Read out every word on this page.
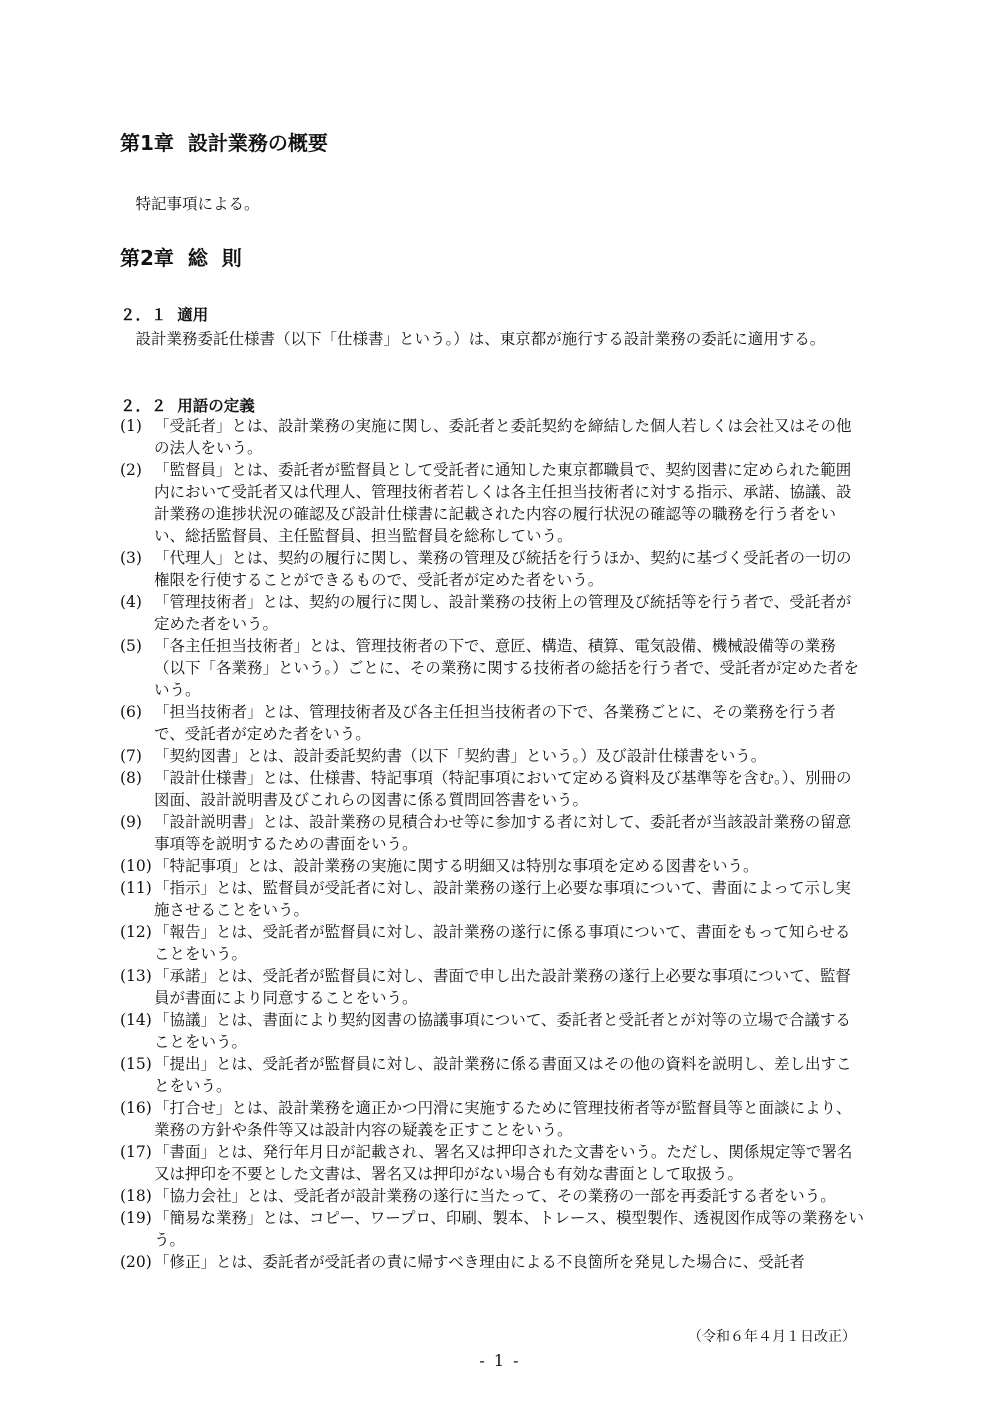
第1章  設計業務の概要
特記事項による。
第2章  総  則
２．１  適用
設計業務委託仕様書（以下「仕様書」という。）は、東京都が施行する設計業務の委託に適用する。
２．２  用語の定義
(1) 「受託者」とは、設計業務の実施に関し、委託者と委託契約を締結した個人若しくは会社又はその他の法人をいう。
(2) 「監督員」とは、委託者が監督員として受託者に通知した東京都職員で、契約図書に定められた範囲内において受託者又は代理人、管理技術者若しくは各主任担当技術者に対する指示、承諾、協議、設計業務の進捗状況の確認及び設計仕様書に記載された内容の履行状況の確認等の職務を行う者をいい、総括監督員、主任監督員、担当監督員を総称していう。
(3) 「代理人」とは、契約の履行に関し、業務の管理及び統括を行うほか、契約に基づく受託者の一切の権限を行使することができるもので、受託者が定めた者をいう。
(4) 「管理技術者」とは、契約の履行に関し、設計業務の技術上の管理及び統括等を行う者で、受託者が定めた者をいう。
(5) 「各主任担当技術者」とは、管理技術者の下で、意匠、構造、積算、電気設備、機械設備等の業務（以下「各業務」という。）ごとに、その業務に関する技術者の総括を行う者で、受託者が定めた者をいう。
(6) 「担当技術者」とは、管理技術者及び各主任担当技術者の下で、各業務ごとに、その業務を行う者で、受託者が定めた者をいう。
(7) 「契約図書」とは、設計委託契約書（以下「契約書」という。）及び設計仕様書をいう。
(8) 「設計仕様書」とは、仕様書、特記事項（特記事項において定める資料及び基準等を含む。）、別冊の図面、設計説明書及びこれらの図書に係る質問回答書をいう。
(9) 「設計説明書」とは、設計業務の見積合わせ等に参加する者に対して、委託者が当該設計業務の留意事項等を説明するための書面をいう。
(10) 「特記事項」とは、設計業務の実施に関する明細又は特別な事項を定める図書をいう。
(11) 「指示」とは、監督員が受託者に対し、設計業務の遂行上必要な事項について、書面によって示し実施させることをいう。
(12) 「報告」とは、受託者が監督員に対し、設計業務の遂行に係る事項について、書面をもって知らせることをいう。
(13) 「承諾」とは、受託者が監督員に対し、書面で申し出た設計業務の遂行上必要な事項について、監督員が書面により同意することをいう。
(14) 「協議」とは、書面により契約図書の協議事項について、委託者と受託者とが対等の立場で合議することをいう。
(15) 「提出」とは、受託者が監督員に対し、設計業務に係る書面又はその他の資料を説明し、差し出すことをいう。
(16) 「打合せ」とは、設計業務を適正かつ円滑に実施するために管理技術者等が監督員等と面談により、業務の方針や条件等又は設計内容の疑義を正すことをいう。
(17) 「書面」とは、発行年月日が記載され、署名又は押印された文書をいう。ただし、関係規定等で署名又は押印を不要とした文書は、署名又は押印がない場合も有効な書面として取扱う。
(18) 「協力会社」とは、受託者が設計業務の遂行に当たって、その業務の一部を再委託する者をいう。
(19) 「簡易な業務」とは、コピー、ワープロ、印刷、製本、トレース、模型製作、透視図作成等の業務をいう。
(20) 「修正」とは、委託者が受託者の責に帰すべき理由による不良箇所を発見した場合に、受託者
（令和６年４月１日改正）
- 1 -
